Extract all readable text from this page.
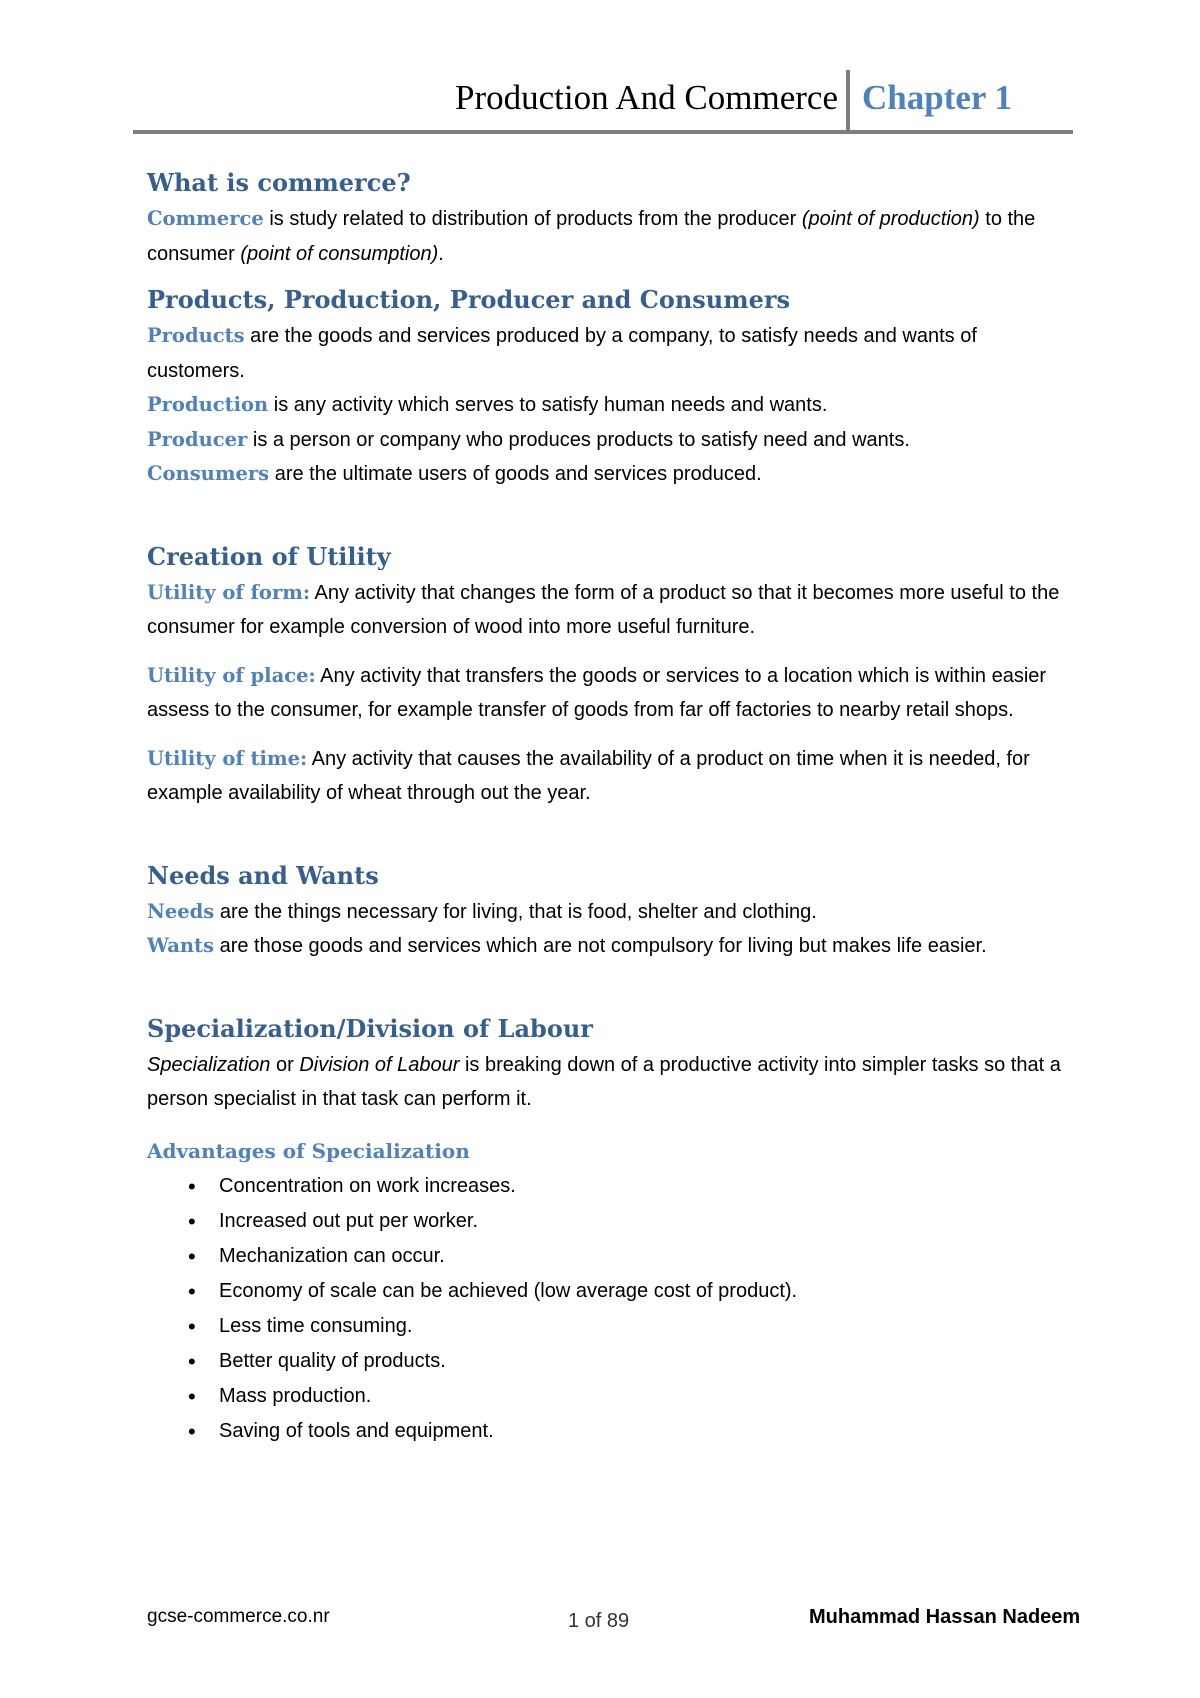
Production And Commerce Chapter 1
What is commerce?

Commerce is study related to distribution of products from the producer (point of production) to the consumer (point of consumption).

Products, Production, Producer and Consumers

Products are the goods and services produced by a company, to satisfy needs and wants of customers.

Production is any activity which serves to satisfy human needs and wants.

Producer is a person or company who produces products to satisfy need and wants.

Consumers are the ultimate users of goods and services produced.

Creation of Utility

Utility of form: Any activity that changes the form of a product so that it becomes more useful to the consumer for example conversion of wood into more useful furniture.

Utility of place: Any activity that transfers the goods or services to a location which is within easier assess to the consumer, for example transfer of goods from far off factories to nearby retail shops.

Utility of time: Any activity that causes the availability of a product on time when it is needed, for example availability of wheat through out the year.

Needs and Wants

Needs are the things necessary for living, that is food, shelter and clothing.

Wants are those goods and services which are not compulsory for living but makes life easier.

Specialization/Division of Labour

Specialization or Division of Labour is breaking down of a productive activity into simpler tasks so that a person specialist in that task can perform it.

Advantages of Specialization
• Concentration on work increases.
• Increased out put per worker.
• Mechanization can occur.
• Economy of scale can be achieved (low average cost of product).
• Less time consuming.
• Better quality of products.
• Mass production.
• Saving of tools and equipment.
gcse-commerce.co.nr	1 of 89	Muhammad Hassan Nadeem
